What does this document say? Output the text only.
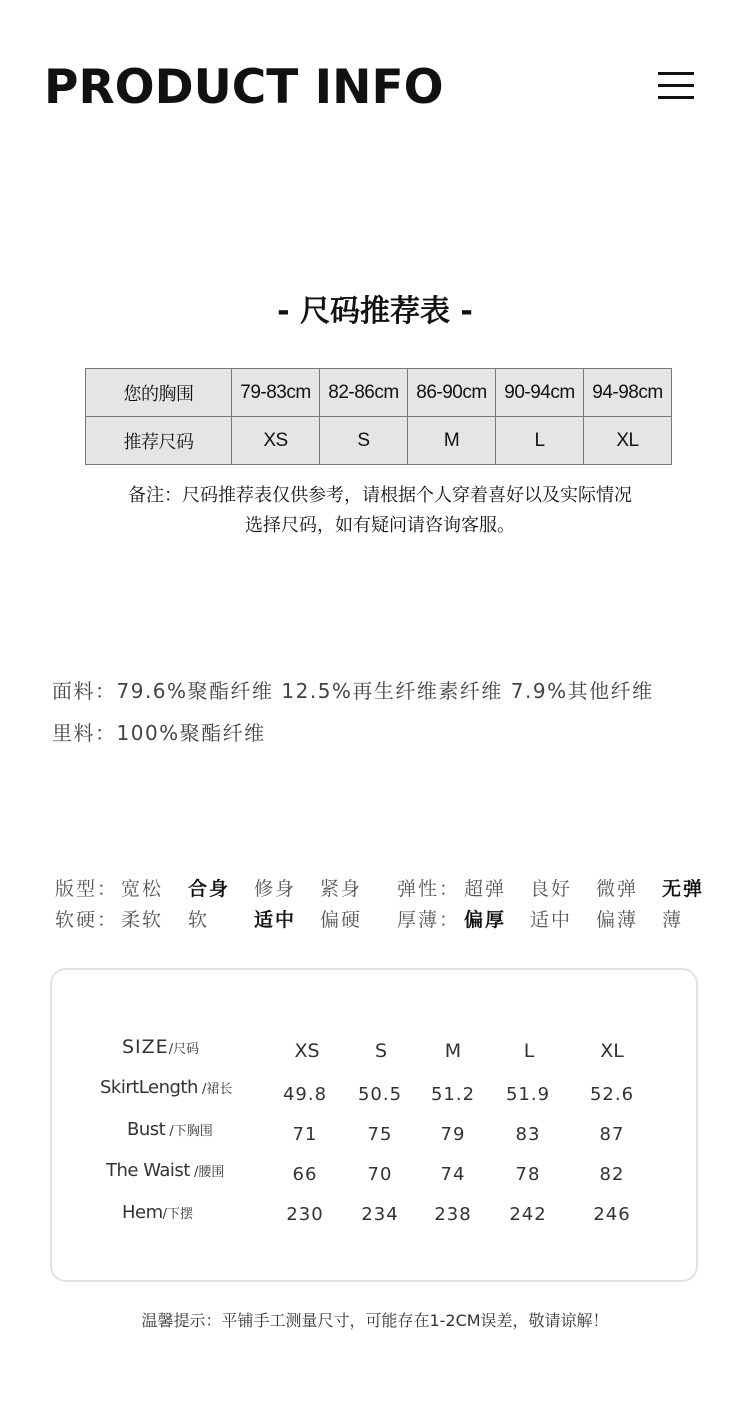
PRODUCT INFO
- 尺码推荐表 -
您的胸围	79-83cm	82-86cm	86-90cm	90-94cm	94-98cm
推荐尺码	XS	S	M	L	XL
备注：尺码推荐表仅供参考，请根据个人穿着喜好以及实际情况
选择尺码，如有疑问请咨询客服。
面料：79.6%聚酯纤维 12.5%再生纤维素纤维 7.9%其他纤维
里料：100%聚酯纤维
版型： 宽松 合身 修身 紧身 弹性： 超弹 良好 微弹 无弹
软硬： 柔软 软 适中 偏硬 厚薄： 偏厚 适中 偏薄 薄
SIZE/尺码	XS	S	M	L	XL
SkirtLength /裙长	49.8	50.5	51.2	51.9	52.6
Bust /下胸围	71	75	79	83	87
The Waist /腰围	66	70	74	78	82
Hem/下摆	230	234	238	242	246
温馨提示：平铺手工测量尺寸，可能存在1-2CM误差，敬请谅解！
